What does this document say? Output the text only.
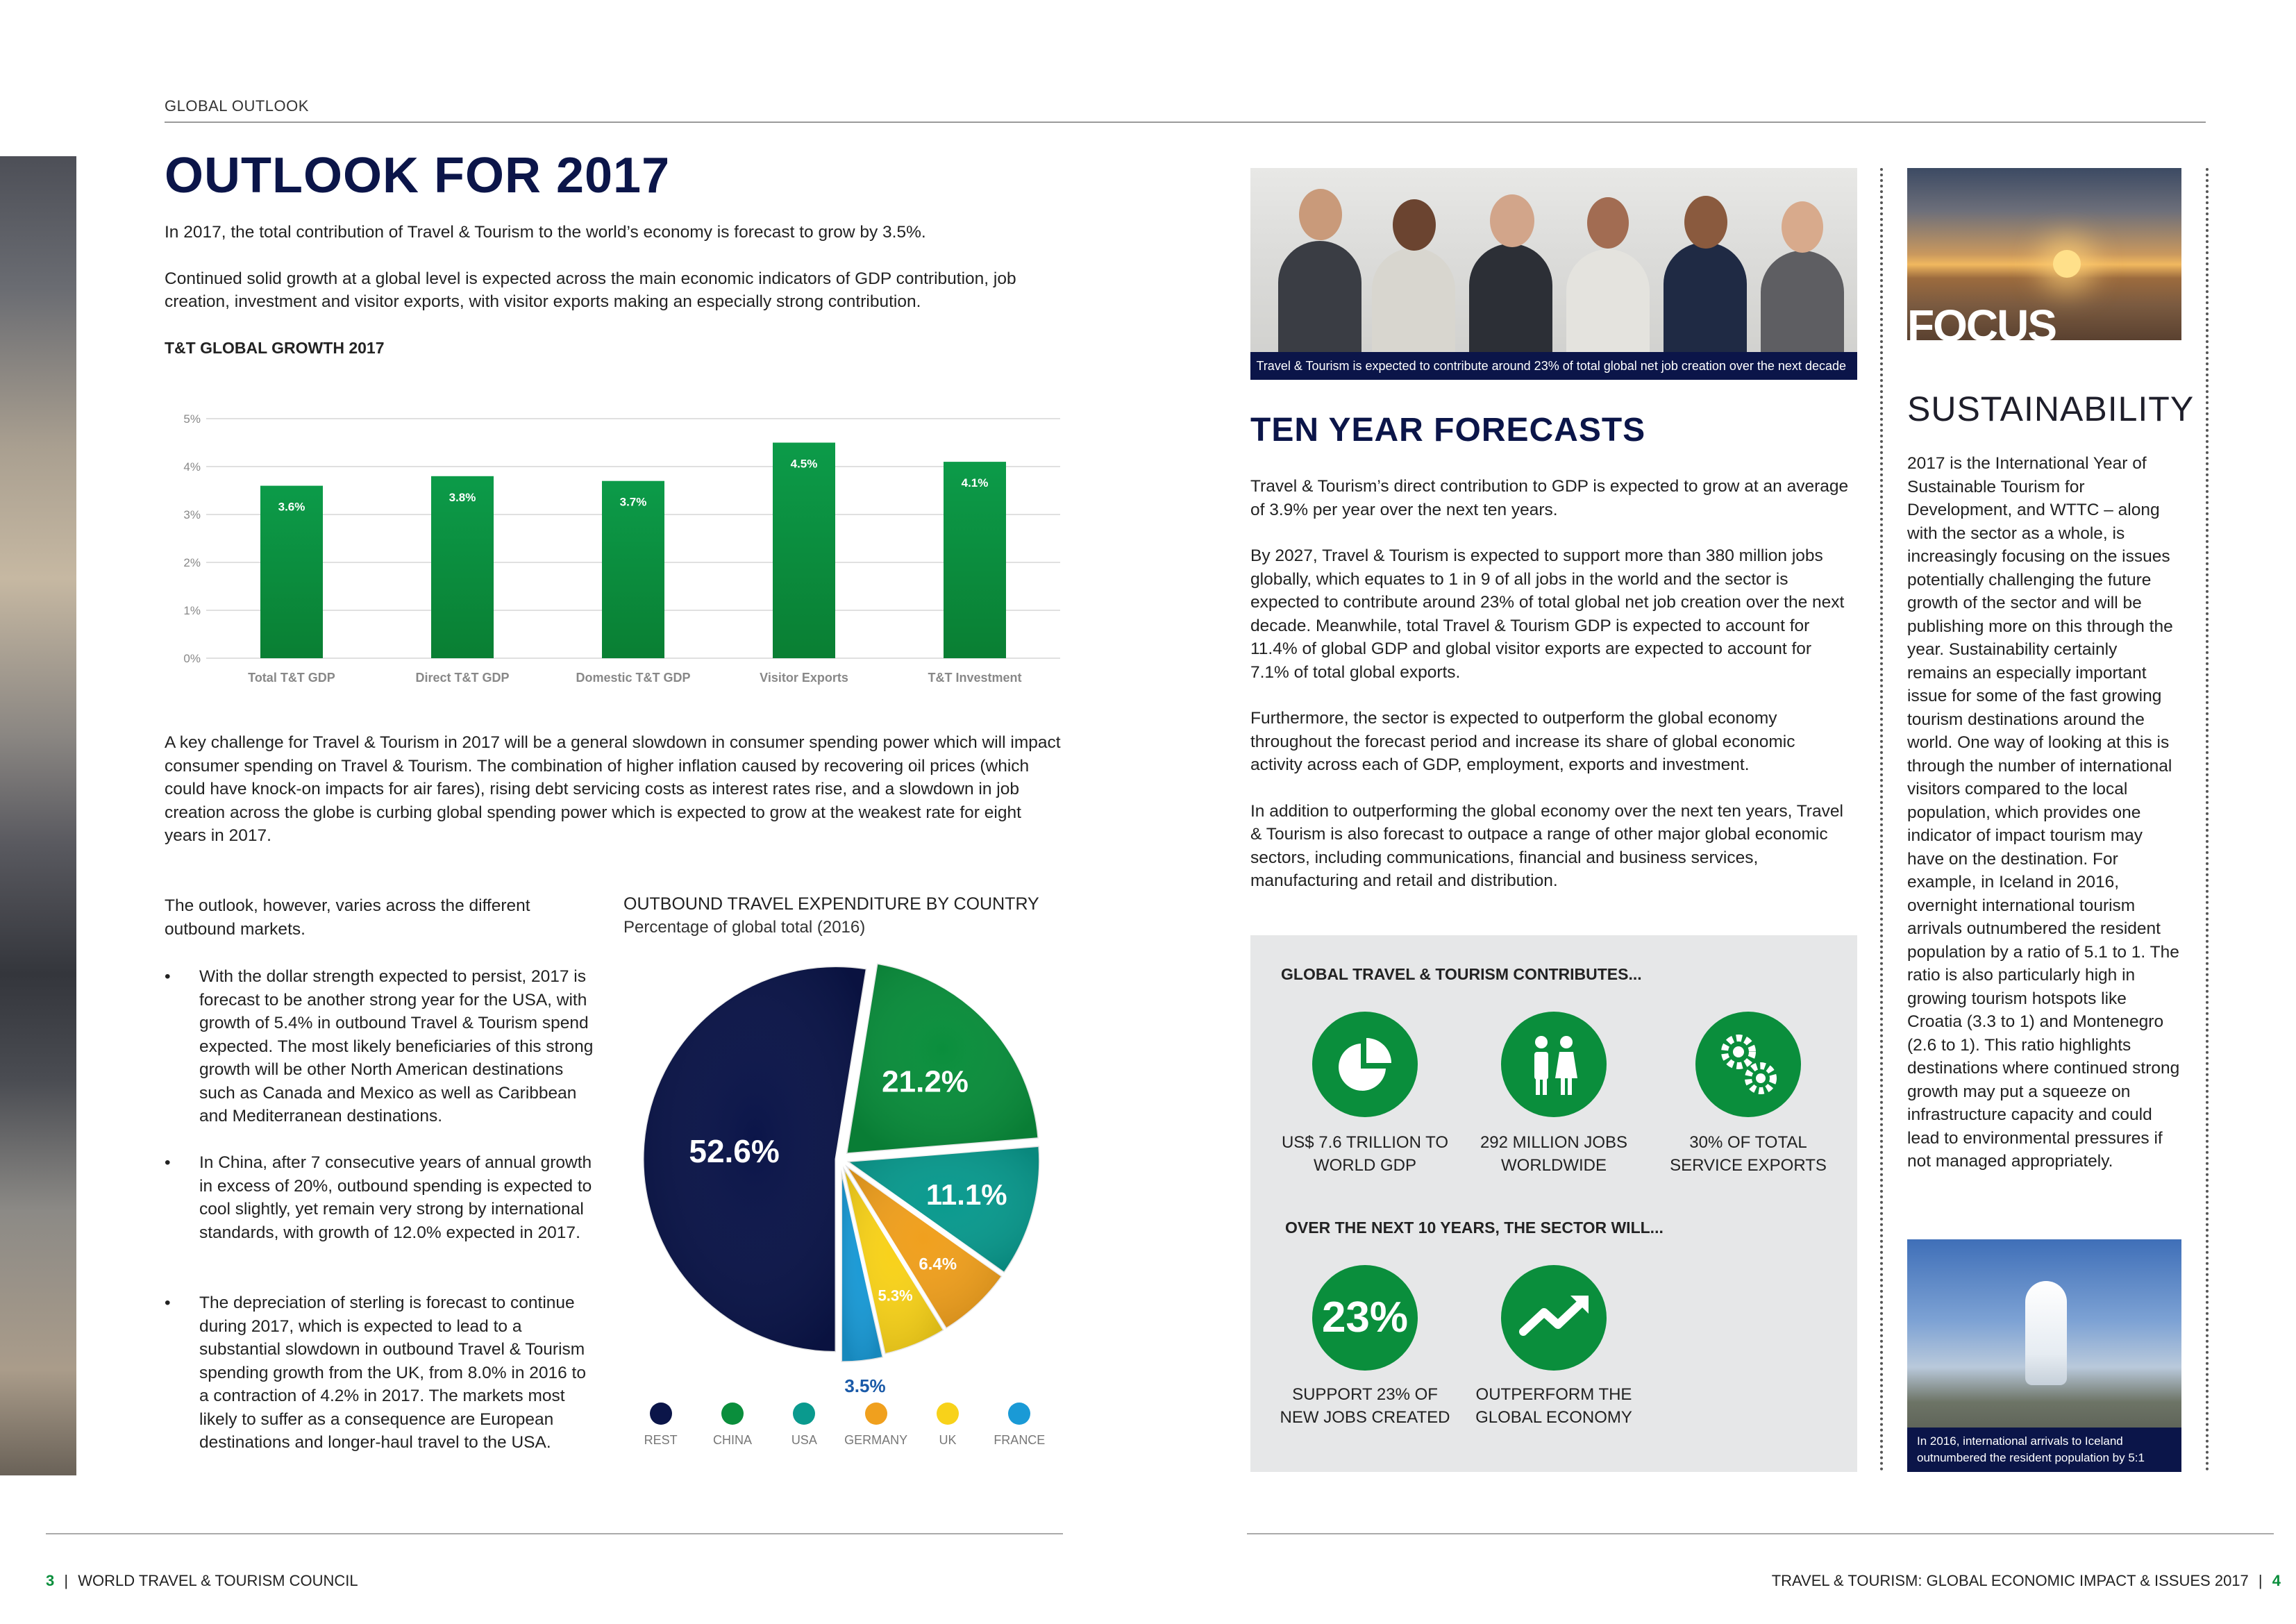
GLOBAL OUTLOOK
OUTLOOK FOR 2017

In 2017, the total contribution of Travel & Tourism to the world’s economy is forecast to grow by 3.5%.

Continued solid growth at a global level is expected across the main economic indicators of GDP contribution, job creation, investment and visitor exports, with visitor exports making an especially strong contribution.

T&T GLOBAL GROWTH 2017
0%
1%
2%
3%
4%
5%
3.6%
Total T&T GDP
3.8%
Direct T&T GDP
3.7%
Domestic T&T GDP
4.5%
Visitor Exports
4.1%
T&T Investment
A key challenge for Travel & Tourism in 2017 will be a general slowdown in consumer spending power which will impact consumer spending on Travel & Tourism. The combination of higher inflation caused by recovering oil prices (which could have knock-on impacts for air fares), rising debt servicing costs as interest rates rise, and a slowdown in job creation across the globe is curbing global spending power which is expected to grow at the weakest rate for eight years in 2017.
The outlook, however, varies across the different outbound markets.
• With the dollar strength expected to persist, 2017 is forecast to be another strong year for the USA, with growth of 5.4% in outbound Travel & Tourism spend expected. The most likely beneficiaries of this strong growth will be other North American destinations such as Canada and Mexico as well as Caribbean and Mediterranean destinations.
• In China, after 7 consecutive years of annual growth in excess of 20%, outbound spending is expected to cool slightly, yet remain very strong by international standards, with growth of 12.0% expected in 2017.
• The depreciation of sterling is forecast to continue during 2017, which is expected to lead to a substantial slowdown in outbound Travel & Tourism spending growth from the UK, from 8.0% in 2016 to a contraction of 4.2% in 2017. The markets most likely to suffer as a consequence are European destinations and longer-haul travel to the USA.
OUTBOUND TRAVEL EXPENDITURE BY COUNTRY
Percentage of global total (2016)
52.6%
21.2%
11.1%
6.4%
5.3%
3.5%
REST	CHINA	USA	GERMANY	UK	FRANCE
3 | WORLD TRAVEL & TOURISM COUNCIL
Travel & Tourism is expected to contribute around 23% of total global net job creation over the next decade
TEN YEAR FORECASTS

Travel & Tourism’s direct contribution to GDP is expected to grow at an average of 3.9% per year over the next ten years.

By 2027, Travel & Tourism is expected to support more than 380 million jobs globally, which equates to 1 in 9 of all jobs in the world and the sector is expected to contribute around 23% of total global net job creation over the next decade. Meanwhile, total Travel & Tourism GDP is expected to account for 11.4% of global GDP and global visitor exports are expected to account for 7.1% of total global exports.

Furthermore, the sector is expected to outperform the global economy throughout the forecast period and increase its share of global economic activity across each of GDP, employment, exports and investment.

In addition to outperforming the global economy over the next ten years, Travel & Tourism is also forecast to outpace a range of other major global economic sectors, including communications, financial and business services, manufacturing and retail and distribution.

GLOBAL TRAVEL & TOURISM CONTRIBUTES...
US$ 7.6 TRILLION TO
WORLD GDP
292 MILLION JOBS
WORLDWIDE
30% OF TOTAL
SERVICE EXPORTS
OVER THE NEXT 10 YEARS, THE SECTOR WILL...
23%
SUPPORT 23% OF
NEW JOBS CREATED
OUTPERFORM THE
GLOBAL ECONOMY
FOCUS
SUSTAINABILITY
2017 is the International Year of Sustainable Tourism for Development, and WTTC – along with the sector as a whole, is increasingly focusing on the issues potentially challenging the future growth of the sector and will be publishing more on this through the year. Sustainability certainly remains an especially important issue for some of the fast growing tourism destinations around the world. One way of looking at this is through the number of international visitors compared to the local population, which provides one indicator of impact tourism may have on the destination. For example, in Iceland in 2016, overnight international tourism arrivals outnumbered the resident population by a ratio of 5.1 to 1. The ratio is also particularly high in growing tourism hotspots like Croatia (3.3 to 1) and Montenegro (2.6 to 1). This ratio highlights destinations where continued strong growth may put a squeeze on infrastructure capacity and could lead to environmental pressures if not managed appropriately.
In 2016, international arrivals to Iceland outnumbered the resident population by 5:1
TRAVEL & TOURISM: GLOBAL ECONOMIC IMPACT & ISSUES 2017 | 4
